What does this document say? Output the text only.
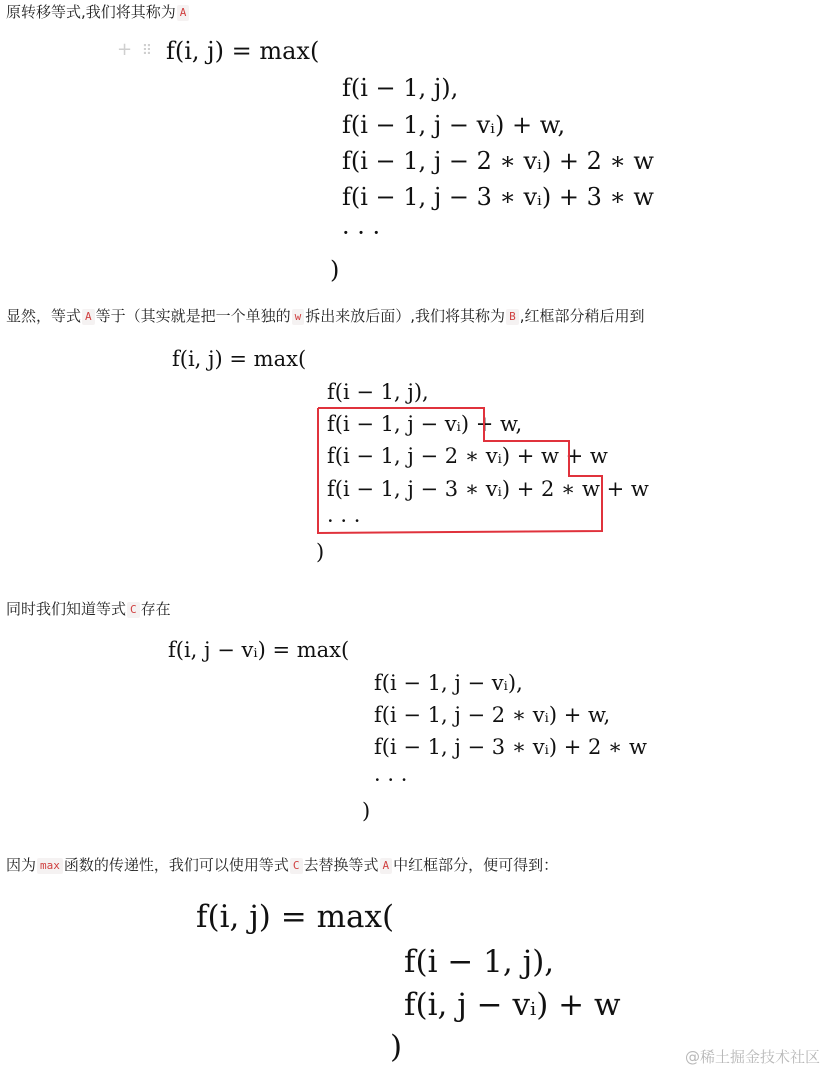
原转移等式,我们将其称为 A
+ ⠿ f(i, j) = max(
f(i − 1, j),
f(i − 1, j − vᵢ) + w,
f(i − 1, j − 2 ∗ vᵢ) + 2 ∗ w
f(i − 1, j − 3 ∗ vᵢ) + 3 ∗ w
· · ·
)
显然，等式 A 等于（其实就是把一个单独的 w 拆出来放后面）,我们将其称为 B ,红框部分稍后用到
f(i, j) = max(
f(i − 1, j),
f(i − 1, j − vᵢ) + w,
f(i − 1, j − 2 ∗ vᵢ) + w + w
f(i − 1, j − 3 ∗ vᵢ) + 2 ∗ w + w
· · ·
)
同时我们知道等式 C 存在
f(i, j − vᵢ) = max(
f(i − 1, j − vᵢ),
f(i − 1, j − 2 ∗ vᵢ) + w,
f(i − 1, j − 3 ∗ vᵢ) + 2 ∗ w
· · ·
)
因为 max 函数的传递性，我们可以使用等式 C 去替换等式 A 中红框部分，便可得到：
f(i, j) = max(
f(i − 1, j),
f(i, j − vᵢ) + w
)	@稀土掘金技术社区
